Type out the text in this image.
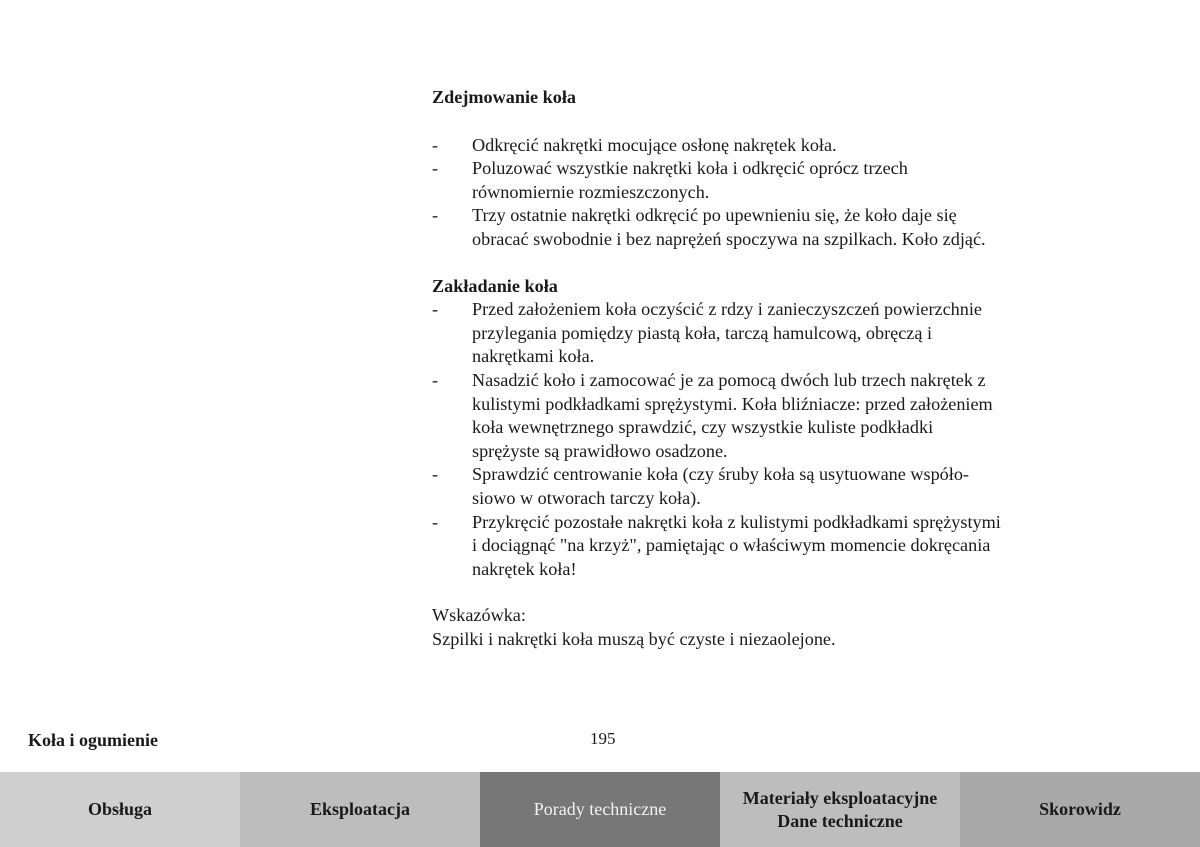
Zdejmowanie koła

- Odkręcić nakrętki mocujące osłonę nakrętek koła.
- Poluzować wszystkie nakrętki koła i odkręcić oprócz trzech
równomiernie rozmieszczonych.
- Trzy ostatnie nakrętki odkręcić po upewnieniu się, że koło daje się
obracać swobodnie i bez naprężeń spoczywa na szpilkach. Koło zdjąć.

Zakładanie koła

- Przed założeniem koła oczyścić z rdzy i zanieczyszczeń powierzchnie
przylegania pomiędzy piastą koła, tarczą hamulcową, obręczą i
nakrętkami koła.
- Nasadzić koło i zamocować je za pomocą dwóch lub trzech nakrętek z
kulistymi podkładkami sprężystymi. Koła bliźniacze: przed założeniem
koła wewnętrznego sprawdzić, czy wszystkie kuliste podkładki
sprężyste są prawidłowo osadzone.
- Sprawdzić centrowanie koła (czy śruby koła są usytuowane współo-
siowo w otworach tarczy koła).
- Przykręcić pozostałe nakrętki koła z kulistymi podkładkami sprężystymi
i dociągnąć "na krzyż", pamiętając o właściwym momencie dokręcania
nakrętek koła!
Wskazówka:
Szpilki i nakrętki koła muszą być czyste i niezaolejone.
Koła i ogumienie	195
Obsługa	Eksploatacja	Porady techniczne
Materiały eksploatacyjne
Dane techniczne
Skorowidz
